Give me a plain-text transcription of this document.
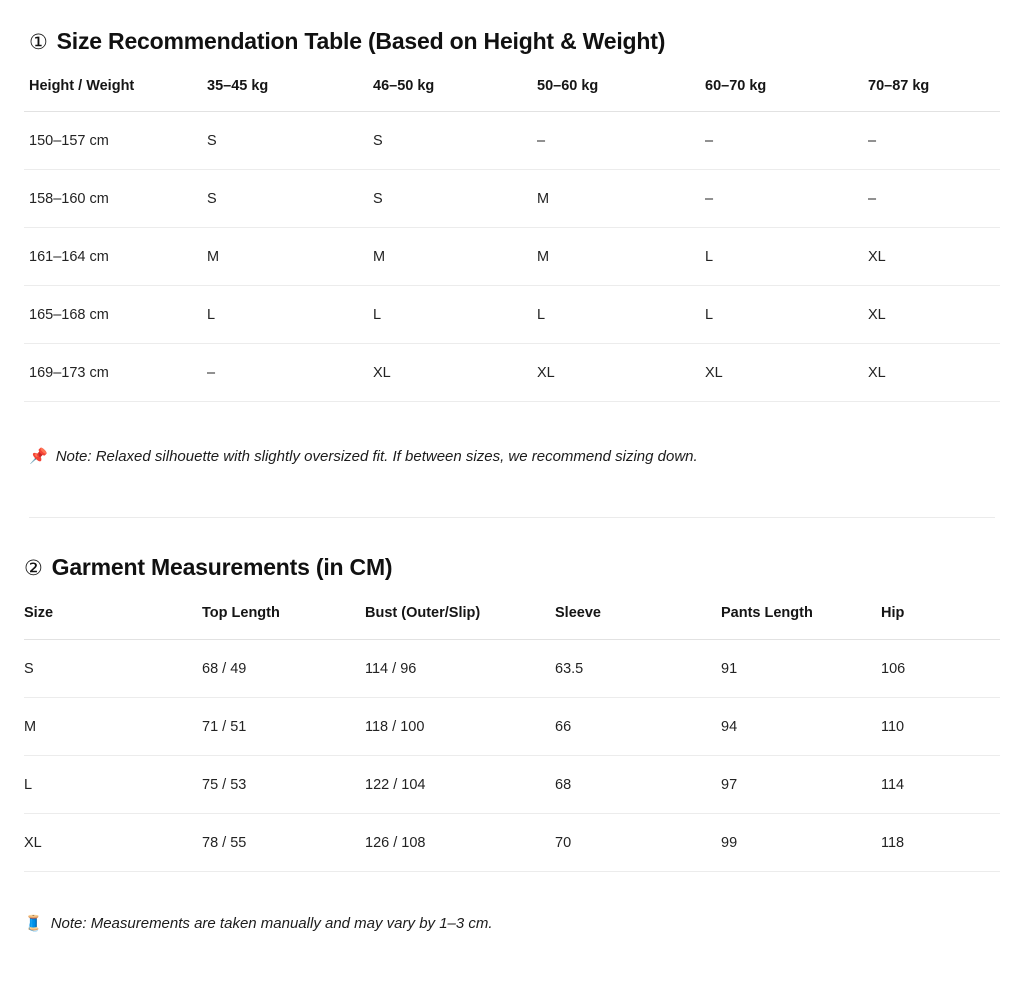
① Size Recommendation Table (Based on Height & Weight)
Height / Weight	35–45 kg	46–50 kg	50–60 kg	60–70 kg	70–87 kg
150–157 cm	S	S	–	–	–
158–160 cm	S	S	M	–	–
161–164 cm	M	M	M	L	XL
165–168 cm	L	L	L	L	XL
169–173 cm	–	XL	XL	XL	XL

📌 Note: Relaxed silhouette with slightly oversized fit. If between sizes, we recommend sizing down.

② Garment Measurements (in CM)
Size	Top Length	Bust (Outer/Slip)	Sleeve	Pants Length	Hip
S	68 / 49	114 / 96	63.5	91	106
M	71 / 51	118 / 100	66	94	110
L	75 / 53	122 / 104	68	97	114
XL	78 / 55	126 / 108	70	99	118

🧵 Note: Measurements are taken manually and may vary by 1–3 cm.
